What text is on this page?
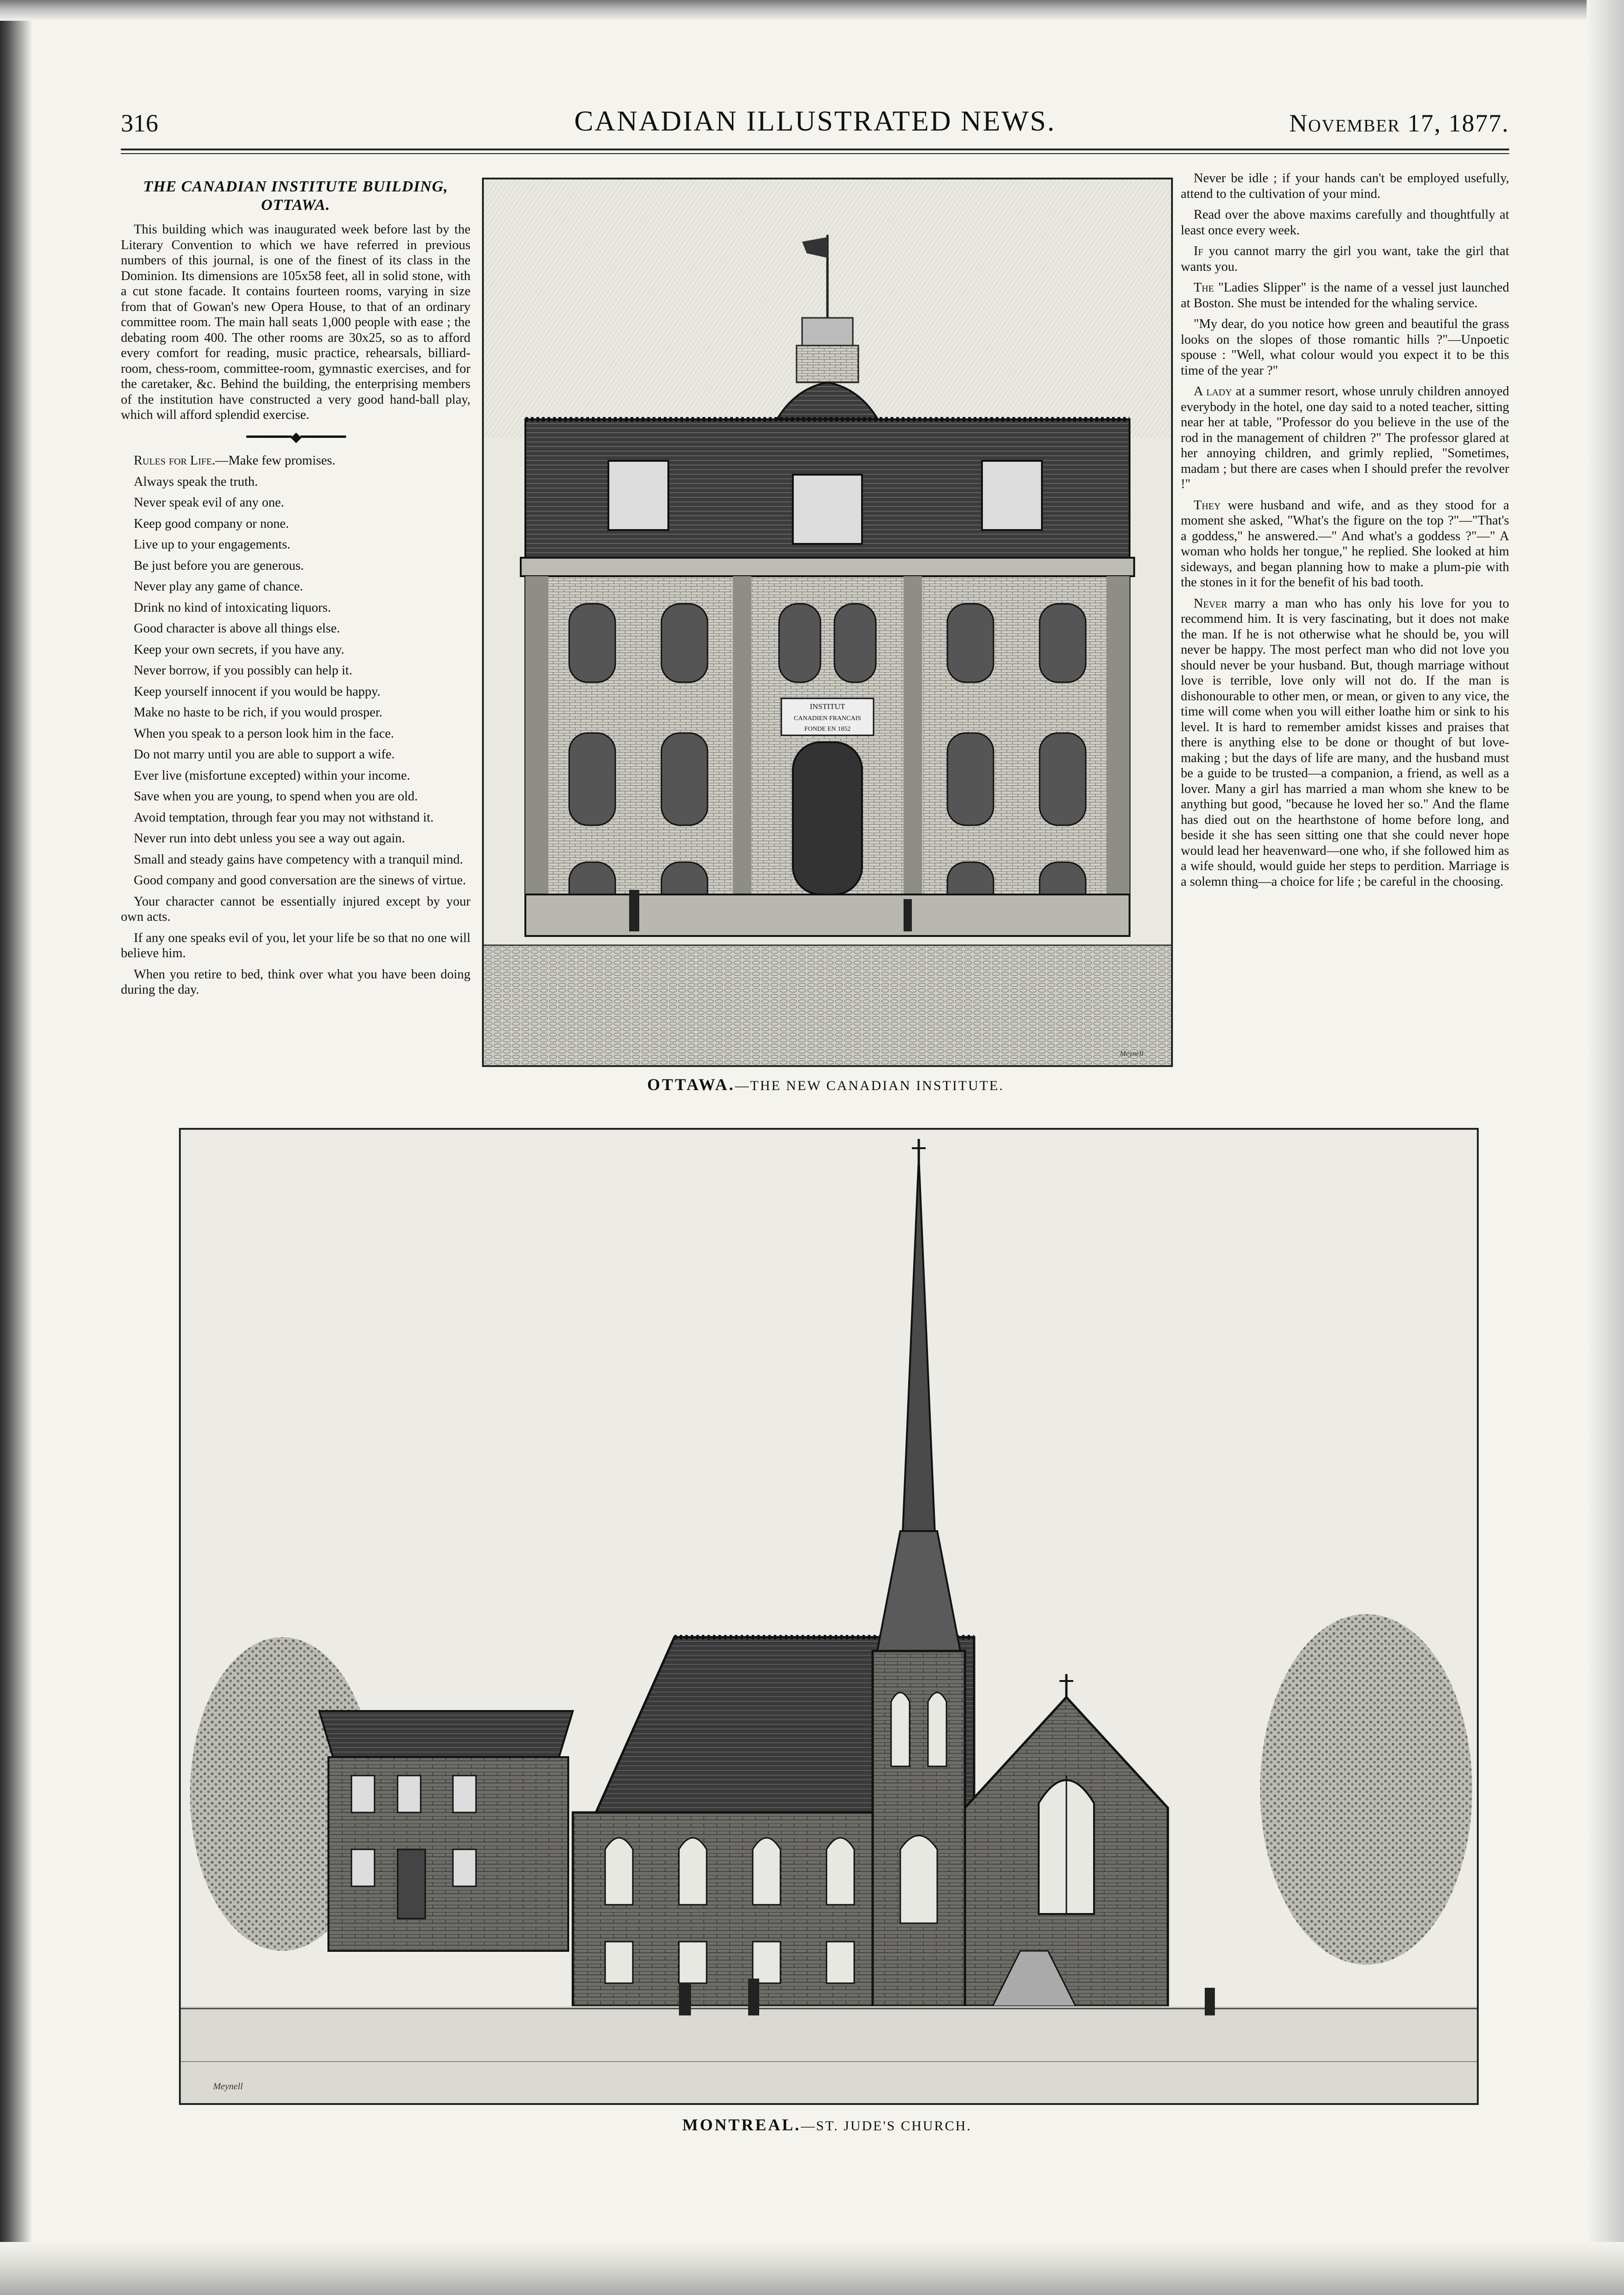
316	CANADIAN ILLUSTRATED NEWS.	November 17, 1877.
THE CANADIAN INSTITUTE BUILDING, OTTAWA.

This building which was inaugurated week before last by the Literary Convention to which we have referred in previous numbers of this journal, is one of the finest of its class in the Dominion. Its dimensions are 105x58 feet, all in solid stone, with a cut stone facade. It contains fourteen rooms, varying in size from that of Gowan's new Opera House, to that of an ordinary committee room. The main hall seats 1,000 people with ease ; the debating room 400. The other rooms are 30x25, so as to afford every comfort for reading, music practice, rehearsals, billiard-room, chess-room, committee-room, gymnastic exercises, and for the caretaker, &c. Behind the building, the enterprising members of the institution have constructed a very good hand-ball play, which will afford splendid exercise.

━━━━━━◆━━━━━━

Rules for Life.—Make few promises.

Always speak the truth.

Never speak evil of any one.

Keep good company or none.

Live up to your engagements.

Be just before you are generous.

Never play any game of chance.

Drink no kind of intoxicating liquors.

Good character is above all things else.

Keep your own secrets, if you have any.

Never borrow, if you possibly can help it.

Keep yourself innocent if you would be happy.

Make no haste to be rich, if you would prosper.

When you speak to a person look him in the face.

Do not marry until you are able to support a wife.

Ever live (misfortune excepted) within your income.

Save when you are young, to spend when you are old.

Avoid temptation, through fear you may not withstand it.

Never run into debt unless you see a way out again.

Small and steady gains have competency with a tranquil mind.

Good company and good conversation are the sinews of virtue.

Your character cannot be essentially injured except by your own acts.

If any one speaks evil of you, let your life be so that no one will believe him.

When you retire to bed, think over what you have been doing during the day.

INSTITUT
CANADIEN FRANCAIS
FONDE EN 1852
Meynell
OTTAWA.—THE NEW CANADIAN INSTITUTE.

Never be idle ; if your hands can't be employed usefully, attend to the cultivation of your mind.

Read over the above maxims carefully and thoughtfully at least once every week.

If you cannot marry the girl you want, take the girl that wants you.

The "Ladies Slipper" is the name of a vessel just launched at Boston. She must be intended for the whaling service.

"My dear, do you notice how green and beautiful the grass looks on the slopes of those romantic hills ?"—Unpoetic spouse : "Well, what colour would you expect it to be this time of the year ?"

A lady at a summer resort, whose unruly children annoyed everybody in the hotel, one day said to a noted teacher, sitting near her at table, "Professor do you believe in the use of the rod in the management of children ?" The professor glared at her annoying children, and grimly replied, "Sometimes, madam ; but there are cases when I should prefer the revolver !"

They were husband and wife, and as they stood for a moment she asked, "What's the figure on the top ?"—"That's a goddess," he answered.—" And what's a goddess ?"—" A woman who holds her tongue," he replied. She looked at him sideways, and began planning how to make a plum-pie with the stones in it for the benefit of his bad tooth.

Never marry a man who has only his love for you to recommend him. It is very fascinating, but it does not make the man. If he is not otherwise what he should be, you will never be happy. The most perfect man who did not love you should never be your husband. But, though marriage without love is terrible, love only will not do. If the man is dishonourable to other men, or mean, or given to any vice, the time will come when you will either loathe him or sink to his level. It is hard to remember amidst kisses and praises that there is anything else to be done or thought of but love-making ; but the days of life are many, and the husband must be a guide to be trusted—a companion, a friend, as well as a lover. Many a girl has married a man whom she knew to be anything but good, "because he loved her so." And the flame has died out on the hearthstone of home before long, and beside it she has seen sitting one that she could never hope would lead her heavenward—one who, if she followed him as a wife should, would guide her steps to perdition. Marriage is a solemn thing—a choice for life ; be careful in the choosing.

Meynell
MONTREAL.—ST. JUDE'S CHURCH.
